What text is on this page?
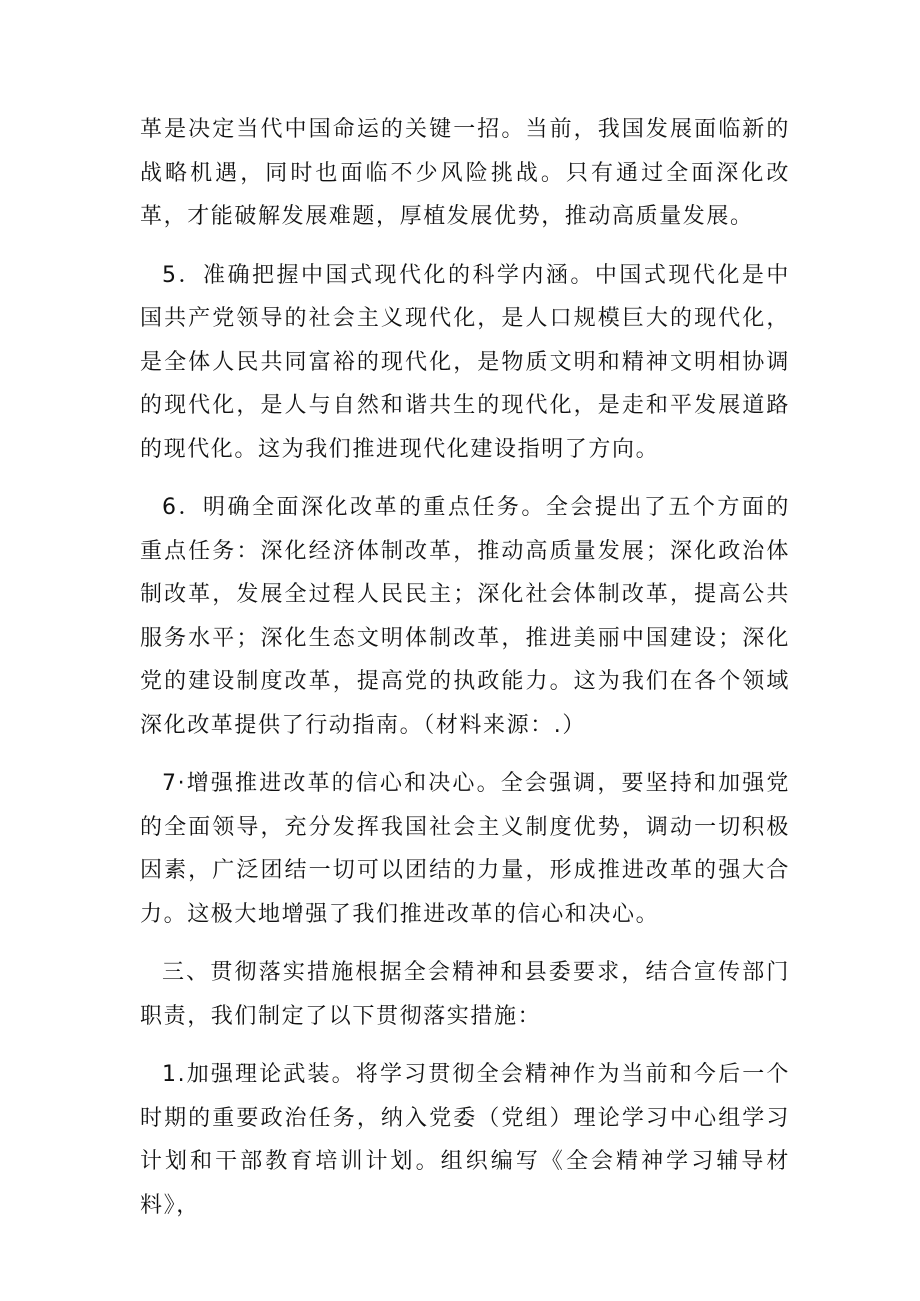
革是决定当代中国命运的关键一招。当前，我国发展面临新的战略机遇，同时也面临不少风险挑战。只有通过全面深化改革，才能破解发展难题，厚植发展优势，推动高质量发展。

5．准确把握中国式现代化的科学内涵。中国式现代化是中国共产党领导的社会主义现代化，是人口规模巨大的现代化，是全体人民共同富裕的现代化，是物质文明和精神文明相协调的现代化，是人与自然和谐共生的现代化，是走和平发展道路的现代化。这为我们推进现代化建设指明了方向。

6．明确全面深化改革的重点任务。全会提出了五个方面的重点任务：深化经济体制改革，推动高质量发展；深化政治体制改革，发展全过程人民民主；深化社会体制改革，提高公共服务水平；深化生态文明体制改革，推进美丽中国建设；深化党的建设制度改革，提高党的执政能力。这为我们在各个领域深化改革提供了行动指南。（材料来源：.）

7·增强推进改革的信心和决心。全会强调，要坚持和加强党的全面领导，充分发挥我国社会主义制度优势，调动一切积极因素，广泛团结一切可以团结的力量，形成推进改革的强大合力。这极大地增强了我们推进改革的信心和决心。

三、贯彻落实措施根据全会精神和县委要求，结合宣传部门职责，我们制定了以下贯彻落实措施：

1.加强理论武装。将学习贯彻全会精神作为当前和今后一个时期的重要政治任务，纳入党委（党组）理论学习中心组学习计划和干部教育培训计划。组织编写《全会精神学习辅导材料》，
